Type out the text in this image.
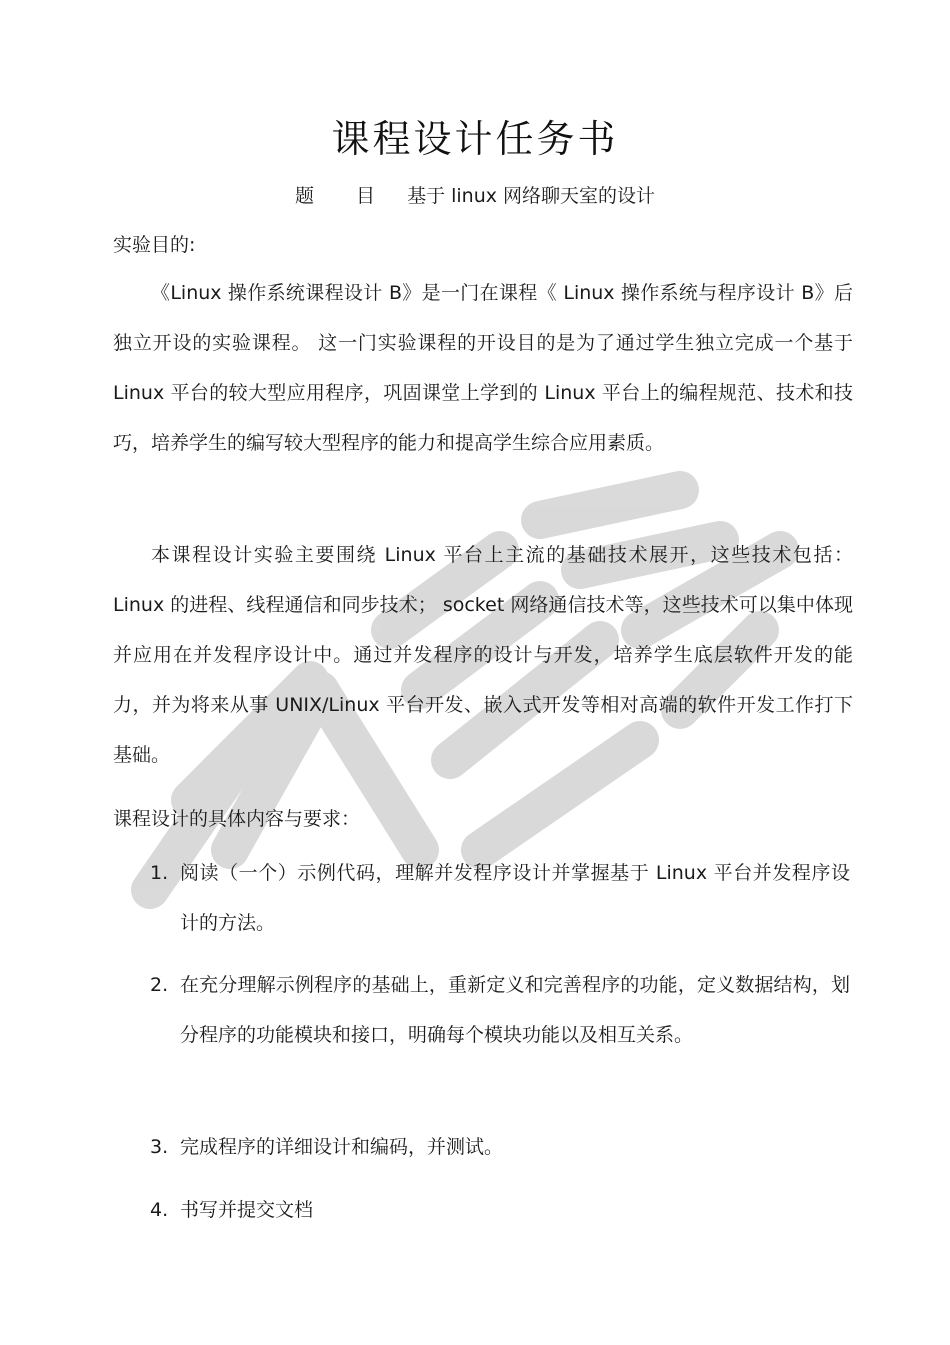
课程设计任务书
题 目 基于 linux 网络聊天室的设计
实验目的:

《Linux 操作系统课程设计 B》是一门在课程《 Linux 操作系统与程序设计 B》后独立开设的实验课程。 这一门实验课程的开设目的是为了通过学生独立完成一个基于 Linux 平台的较大型应用程序，巩固课堂上学到的 Linux 平台上的编程规范、技术和技巧，培养学生的编写较大型程序的能力和提高学生综合应用素质。

本课程设计实验主要围绕 Linux 平台上主流的基础技术展开，这些技术包括： Linux 的进程、线程通信和同步技术； socket 网络通信技术等，这些技术可以集中体现并应用在并发程序设计中。通过并发程序的设计与开发，培养学生底层软件开发的能力，并为将来从事 UNIX/Linux 平台开发、嵌入式开发等相对高端的软件开发工作打下基础。

课程设计的具体内容与要求：
1. 阅读（一个）示例代码，理解并发程序设计并掌握基于 Linux 平台并发程序设计的方法。
2. 在充分理解示例程序的基础上，重新定义和完善程序的功能，定义数据结构，划分程序的功能模块和接口，明确每个模块功能以及相互关系。
3. 完成程序的详细设计和编码，并测试。
4. 书写并提交文档
